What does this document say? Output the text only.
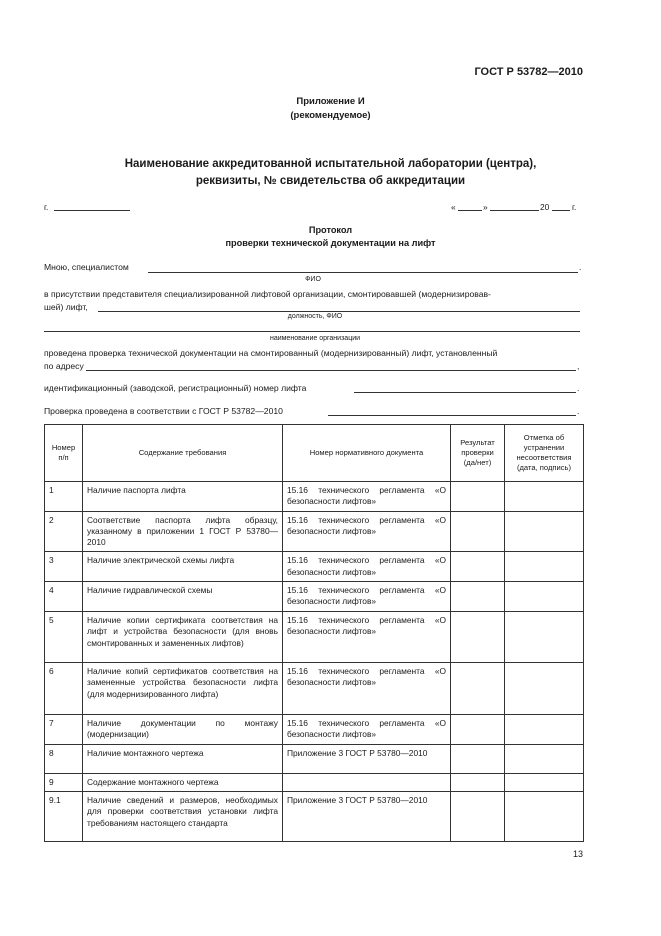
ГОСТ Р 53782—2010
Приложение И
(рекомендуемое)
Наименование аккредитованной испытательной лаборатории (центра),
реквизиты, № свидетельства об аккредитации
г.	«	»	20	г.
Протокол
проверки технической документации на лифт
Мною, специалистом	.
ФИО
в присутствии представителя специализированной лифтовой организации, смонтировавшей (модернизировав-
шей) лифт,
должность, ФИО
наименование организации
проведена проверка технической документации на смонтированный (модернизированный) лифт, установленный
по адресу	,
идентификационный (заводской, регистрационный) номер лифта	.
Проверка проведена в соответствии с ГОСТ Р 53782—2010	.
Номер п/п	Содержание требования	Номер нормативного документа	Результат проверки (да/нет)	Отметка об устранении несоответствия (дата, подпись)
1	Наличие паспорта лифта	15.16 технического регламента «О безопасности лифтов»		
2	Соответствие паспорта лифта образцу, указанному в приложении 1 ГОСТ Р 53780—2010	15.16 технического регламента «О безопасности лифтов»		
3	Наличие электрической схемы лифта	15.16 технического регламента «О безопасности лифтов»		
4	Наличие гидравлической схемы	15.16 технического регламента «О безопасности лифтов»		
5	Наличие копии сертификата соответствия на лифт и устройства безопасности (для вновь смонтированных и замененных лифтов)	15.16 технического регламента «О безопасности лифтов»		
6	Наличие копий сертификатов соответствия на замененные устройства безопасности лифта (для модернизированного лифта)	15.16 технического регламента «О безопасности лифтов»		
7	Наличие документации по монтажу (модернизации)	15.16 технического регламента «О безопасности лифтов»		
8	Наличие монтажного чертежа	Приложение 3 ГОСТ Р 53780—2010		
9	Содержание монтажного чертежа			
9.1	Наличие сведений и размеров, необходимых для проверки соответствия установки лифта требованиям настоящего стандарта	Приложение 3 ГОСТ Р 53780—2010		
13
